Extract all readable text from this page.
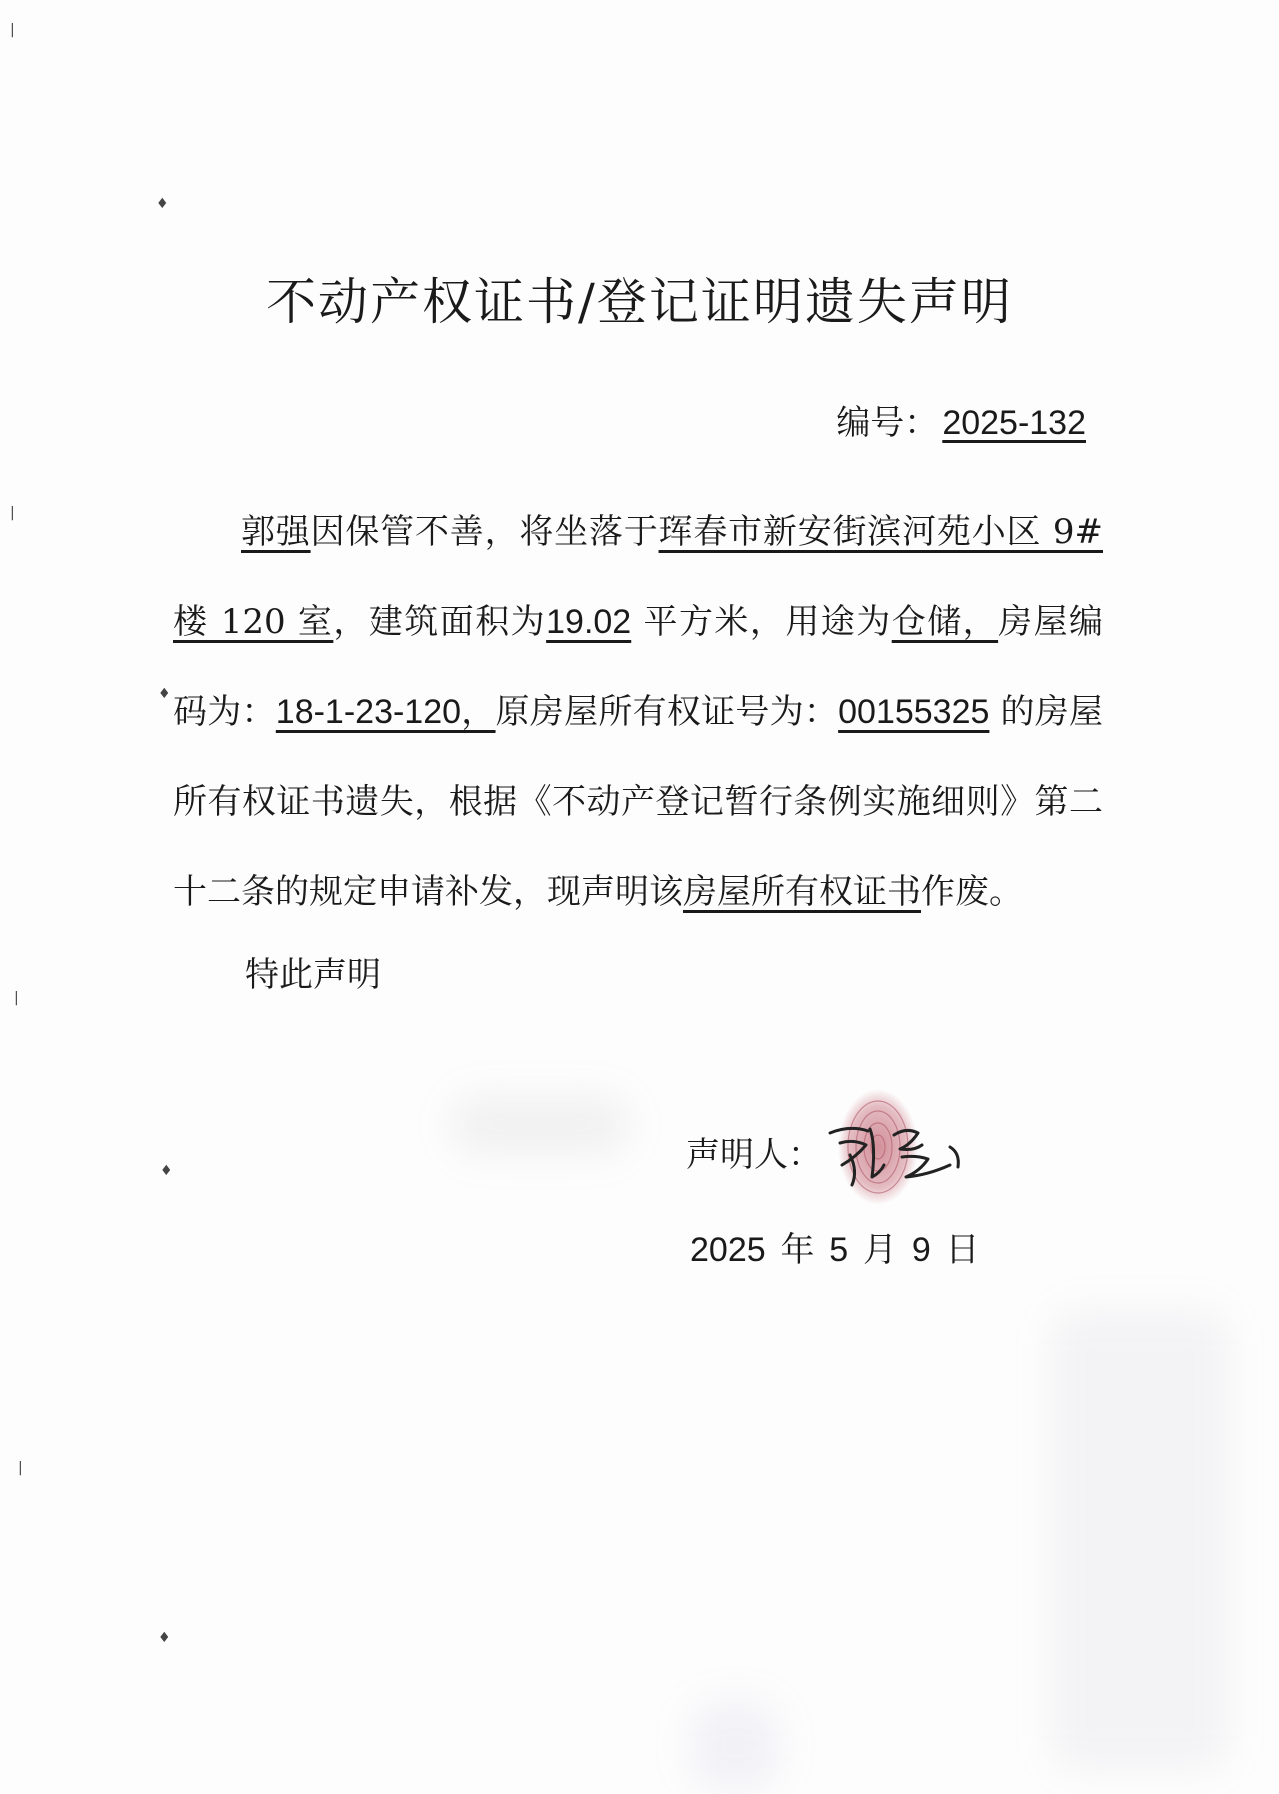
♦
♦
♦
♦
|
|
|
|
不动产权证书/登记证明遗失声明
编号： 2025-132
郭强因保管不善，将坐落于珲春市新安街滨河苑小区 9#楼 120 室，建筑面积为19.02 平方米，用途为仓储，房屋编码为：18-1-23-120，原房屋所有权证号为：00155325 的房屋所有权证书遗失，根据《不动产登记暂行条例实施细则》第二十二条的规定申请补发，现声明该房屋所有权证书作废。
特此声明
声明人：
2025 年 5 月 9 日
